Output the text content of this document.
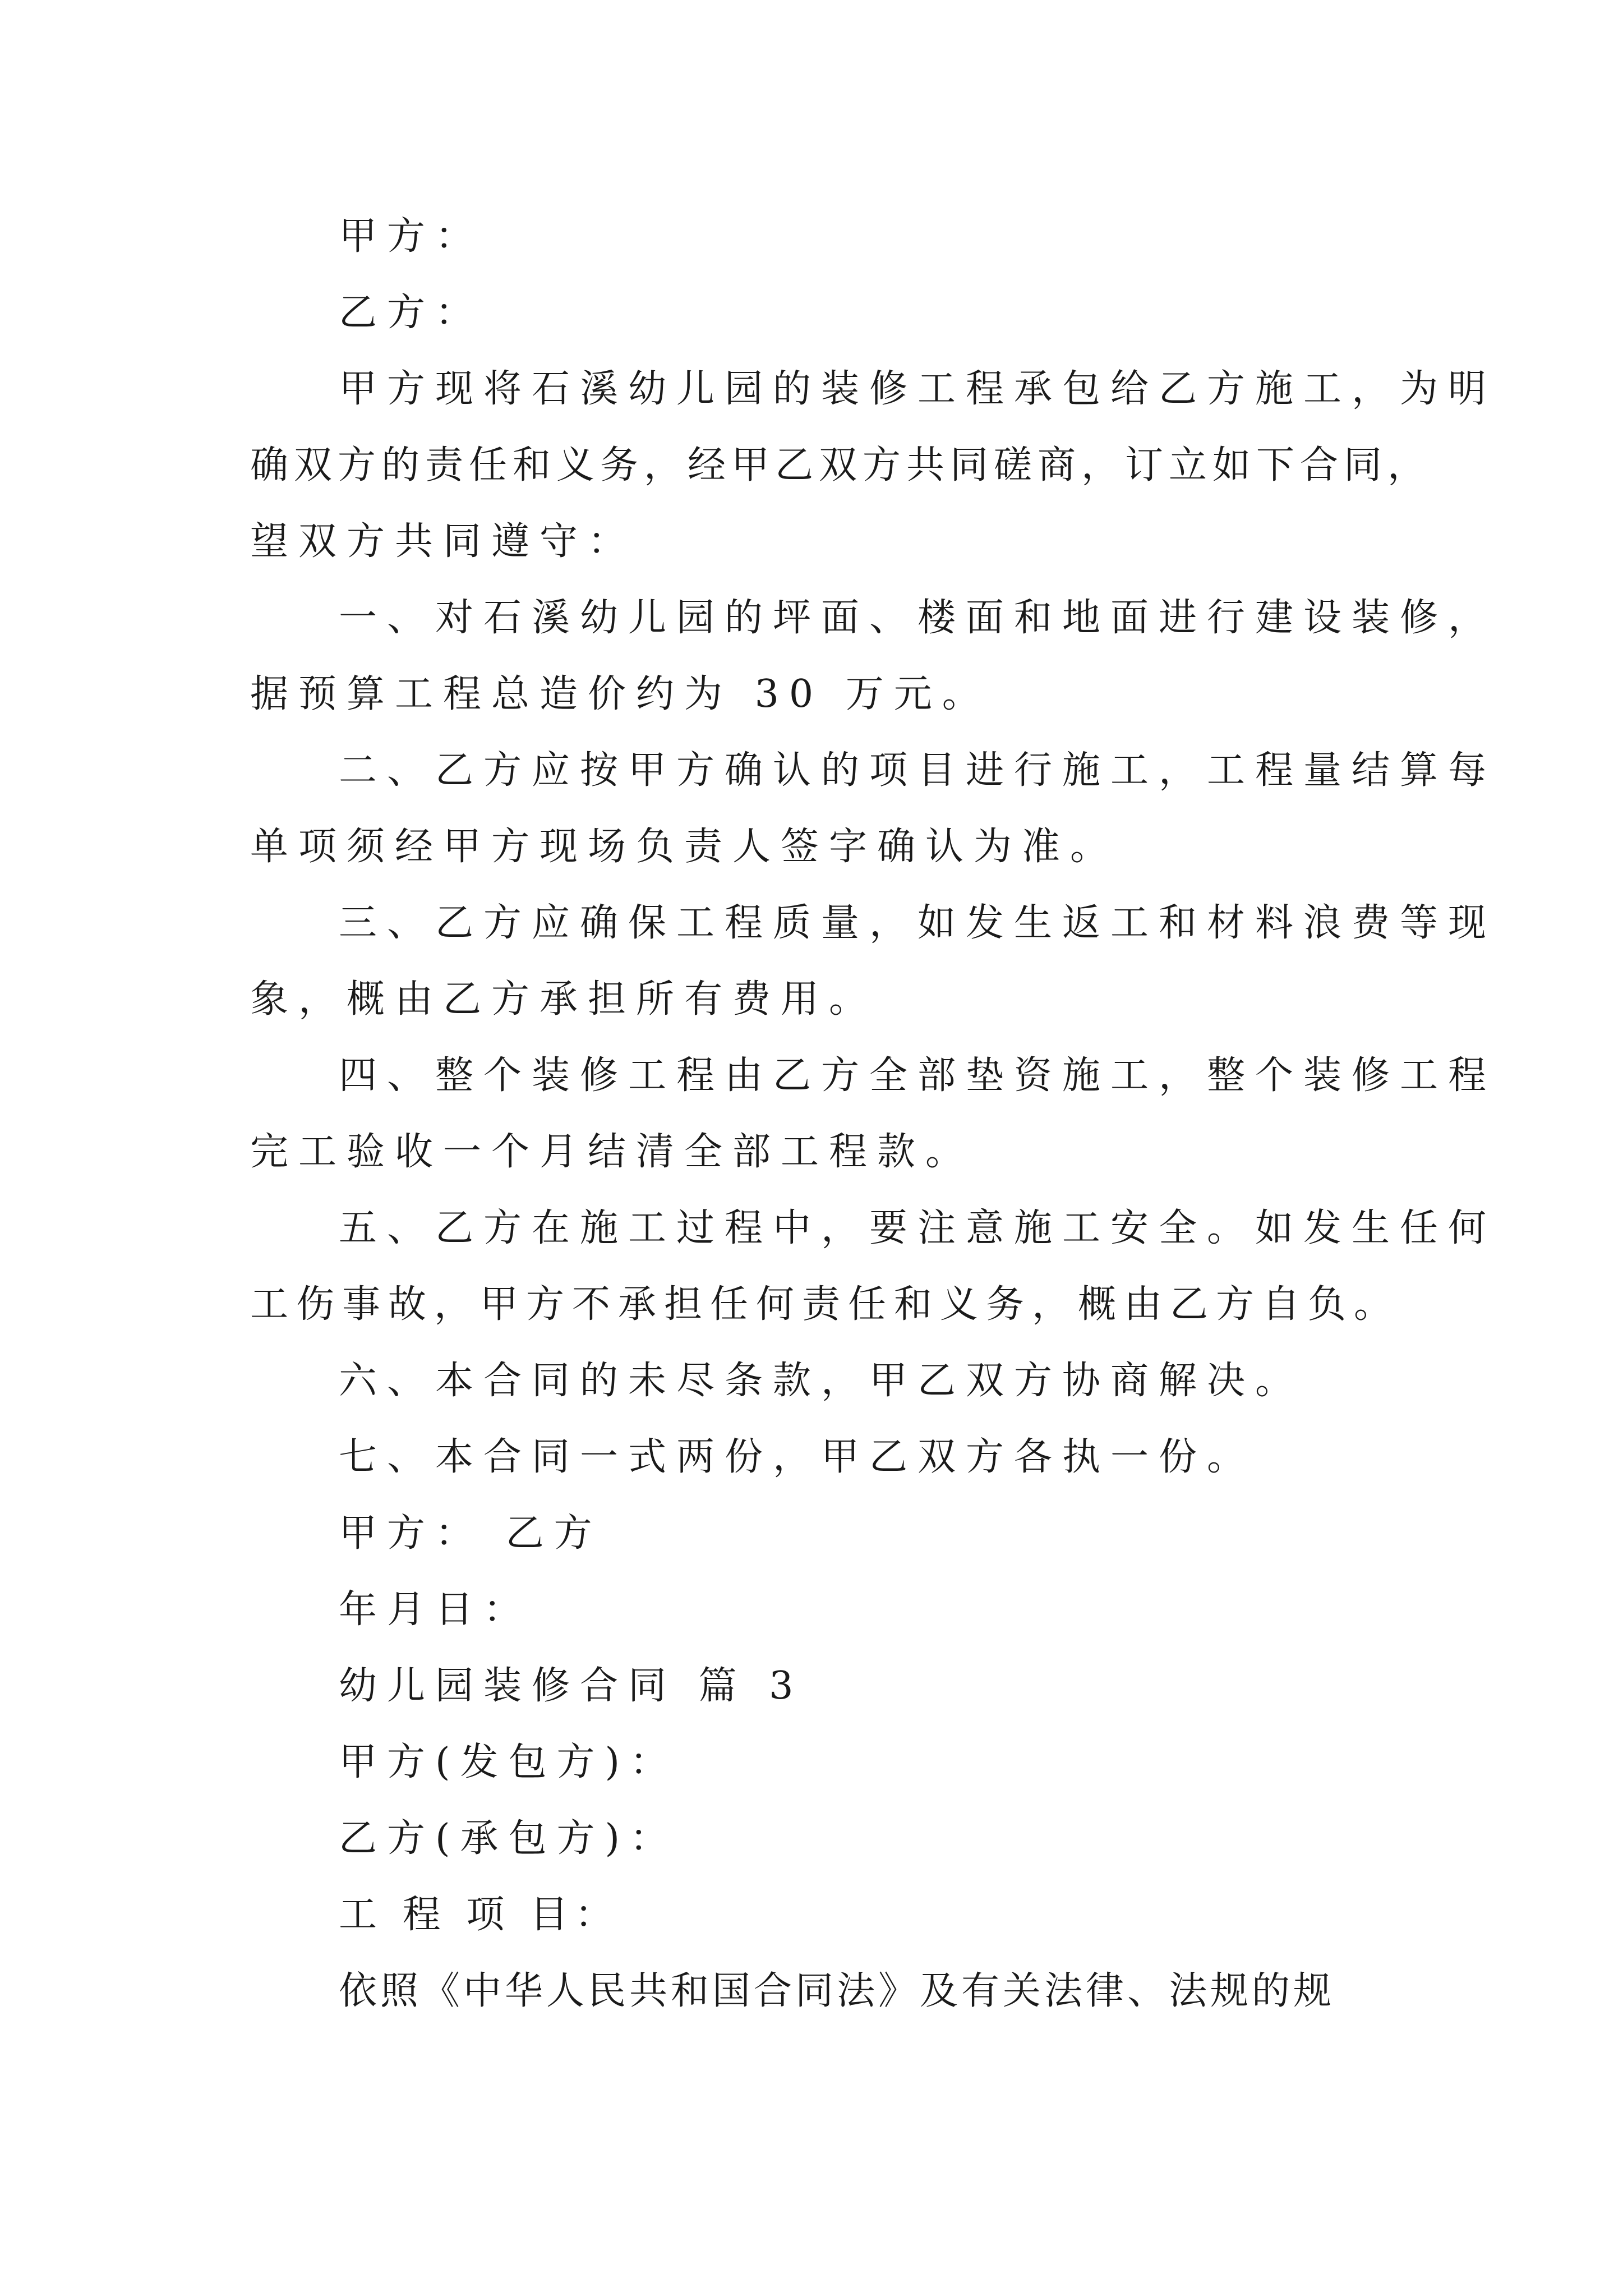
甲方：
乙方：
甲方现将石溪幼儿园的装修工程承包给乙方施工，为明
确双方的责任和义务，经甲乙双方共同磋商，订立如下合同，
望双方共同遵守：
一、对石溪幼儿园的坪面、楼面和地面进行建设装修，
据预算工程总造价约为 30 万元。
二、乙方应按甲方确认的项目进行施工，工程量结算每
单项须经甲方现场负责人签字确认为准。
三、乙方应确保工程质量，如发生返工和材料浪费等现
象，概由乙方承担所有费用。
四、整个装修工程由乙方全部垫资施工，整个装修工程
完工验收一个月结清全部工程款。
五、乙方在施工过程中，要注意施工安全。如发生任何
工伤事故，甲方不承担任何责任和义务，概由乙方自负。
六、本合同的未尽条款，甲乙双方协商解决。
七、本合同一式两份，甲乙双方各执一份。
甲方： 乙方
年月日：
幼儿园装修合同 篇 3
甲方(发包方)：
乙方(承包方)：
工 程 项 目：
依照《中华人民共和国合同法》及有关法律、法规的规
